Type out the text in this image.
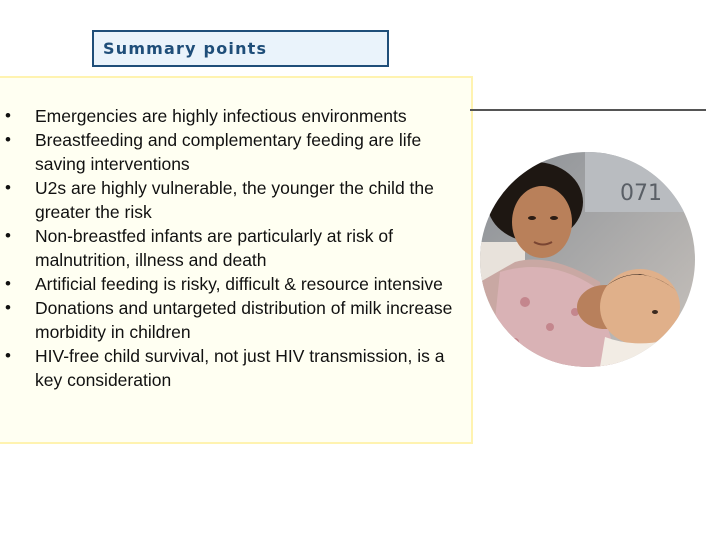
Summary points
• Emergencies are highly infectious environments
• Breastfeeding and complementary feeding are life saving interventions
• U2s are highly vulnerable, the younger the child the greater the risk
• Non-breastfed infants are particularly at risk of malnutrition, illness and death
• Artificial feeding is risky, difficult & resource intensive
• Donations and untargeted distribution of milk increase morbidity in children
• HIV-free child survival, not just HIV transmission, is a key consideration
071
